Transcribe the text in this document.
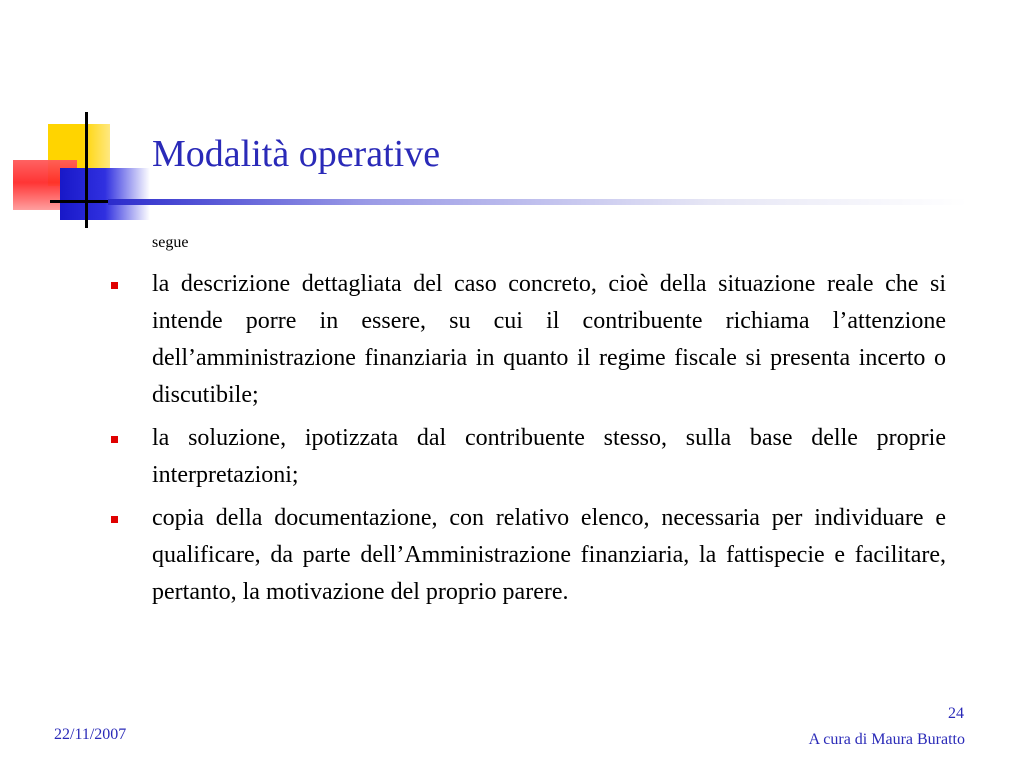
Modalità operative
segue
la descrizione dettagliata del caso concreto, cioè della situazione reale che si intende porre in essere, su cui il contribuente richiama l’attenzione dell’amministrazione finanziaria in quanto il regime fiscale si presenta incerto o discutibile;
la soluzione, ipotizzata dal contribuente stesso, sulla base delle proprie interpretazioni;
copia della documentazione, con relativo elenco, necessaria per individuare e qualificare, da parte dell’Amministrazione finanziaria, la fattispecie e facilitare, pertanto, la motivazione del proprio parere.
22/11/2007
24
A cura di Maura Buratto
